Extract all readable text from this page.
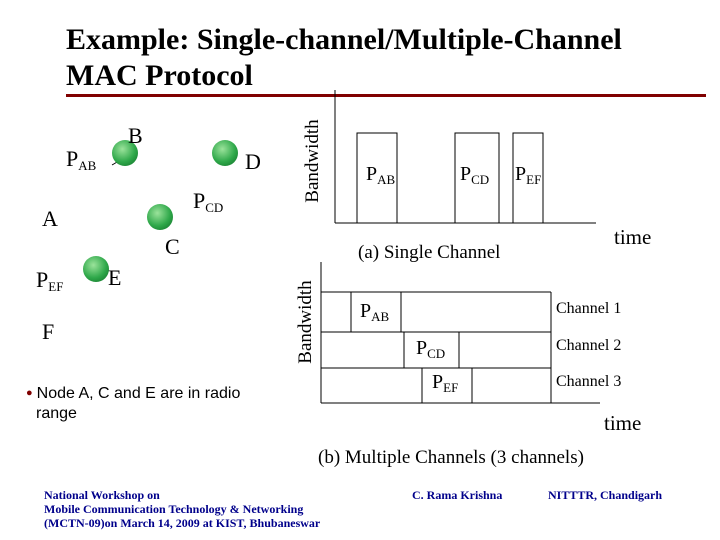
Example: Single-channel/Multiple-Channel
MAC Protocol
B
D
A
C
E
F
$P_{AB}$
$P_{CD}$
$P_{EF}$
● Node A, C and E are in radio
range
Bandwidth $P_{AB}$	$P_{CD}$ $P_{EF}$
time
(a) Single Channel
Bandwidth $P_{AB}$
$P_{CD}$
$P_{EF}$
Channel 1
Channel 2
Channel 3
time
(b) Multiple Channels (3 channels)
National Workshop on
Mobile Communication Technology & Networking
(MCTN-09)on March 14, 2009 at KIST, Bhubaneswar
C. Rama Krishna	NITTTR, Chandigarh
